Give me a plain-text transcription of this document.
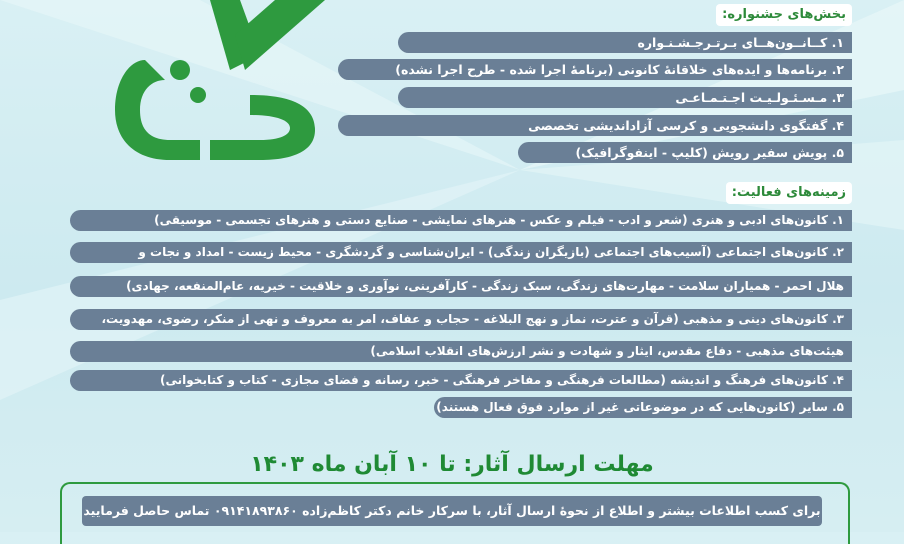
بخش‌های جشنواره:
۱. کــانــون‌هــای بـرتـرجـشـنـواره
۲. برنامه‌ها و ایده‌های خلاقانهٔ کانونی (برنامهٔ اجرا شده - طرح اجرا نشده)
۳. مـسـئـولـیـت اجـتـمـاعـی
۴. گفتگوی دانشجویی و کرسی آزاداندیشی تخصصی
۵. پویش سفیر رویش (کلیپ - اینفوگرافیک)
زمینه‌های فعالیت:
۱. کانون‌های ادبی و هنری (شعر و ادب - فیلم و عکس - هنرهای نمایشی - صنایع دستی و هنرهای تجسمی - موسیقی)
۲. کانون‌های اجتماعی (آسیب‌های اجتماعی (بازیگران زندگی) - ایران‌شناسی و گردشگری - محیط زیست - امداد و نجات و
هلال احمر - همیاران سلامت - مهارت‌های زندگی، سبک زندگی - کارآفرینی، نوآوری و خلاقیت - خیریه، عام‌المنفعه، جهادی)
۳. کانون‌های دینی و مذهبی (قرآن و عترت، نماز و نهج البلاغه - حجاب و عفاف، امر به معروف و نهی از منکر، رضوی، مهدویت،
هیئت‌های مذهبی - دفاع مقدس، ایثار و شهادت و نشر ارزش‌های انقلاب اسلامی)
۴. کانون‌های فرهنگ و اندیشه (مطالعات فرهنگی و مفاخر فرهنگی - خبر، رسانه و فضای مجازی - کتاب و کتابخوانی)
۵. سایر (کانون‌هایی که در موضوعاتی غیر از موارد فوق فعال هستند)
مهلت ارسال آثار: تا ۱۰ آبان ماه ۱۴۰۳
برای کسب اطلاعات بیشتر و اطلاع از نحوهٔ ارسال آثار، با سرکار خانم دکتر کاظم‌زاده ۰۹۱۴۱۸۹۳۸۶۰ تماس حاصل فرمایید
